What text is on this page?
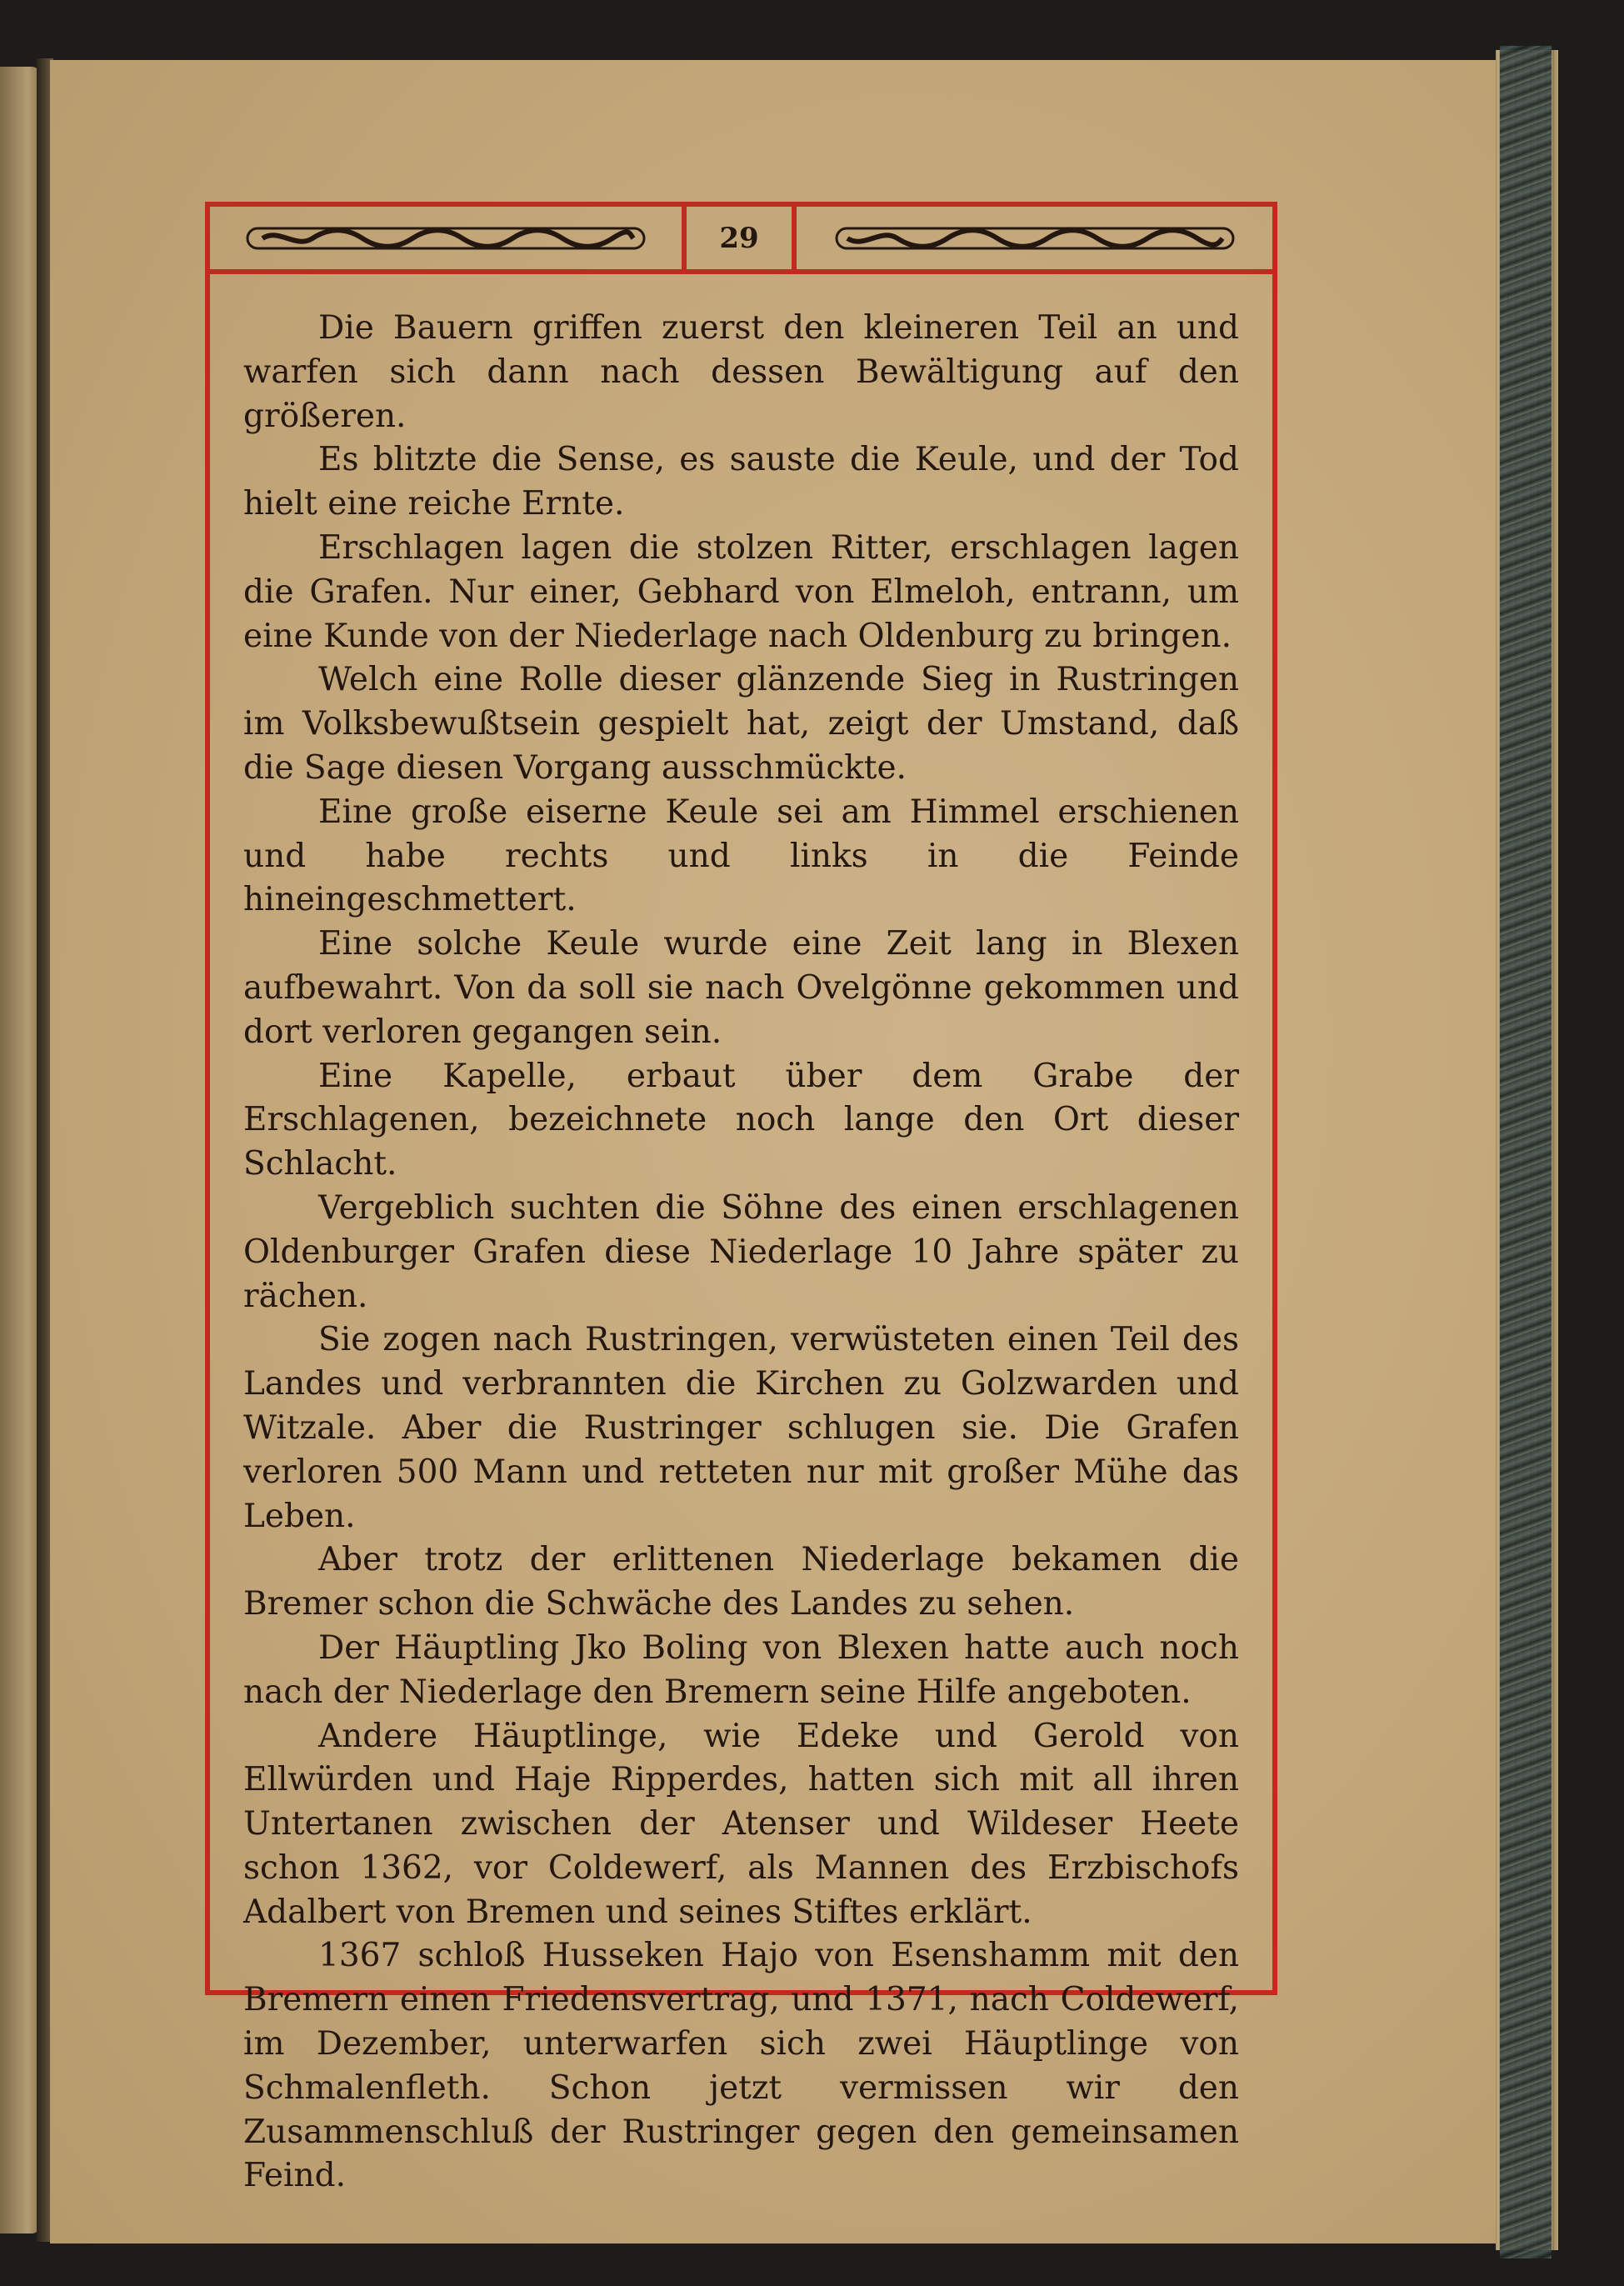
29

Die Bauern griffen zuerst den kleineren Teil an und warfen sich dann nach dessen Bewältigung auf den größeren.

Es blitzte die Sense, es sauste die Keule, und der Tod hielt eine reiche Ernte.

Erschlagen lagen die stolzen Ritter, erschlagen lagen die Grafen. Nur einer, Gebhard von Elmeloh, entrann, um eine Kunde von der Niederlage nach Oldenburg zu bringen.

Welch eine Rolle dieser glänzende Sieg in Rustringen im Volksbewußtsein gespielt hat, zeigt der Umstand, daß die Sage diesen Vorgang ausschmückte.

Eine große eiserne Keule sei am Himmel erschienen und habe rechts und links in die Feinde hineingeschmettert.

Eine solche Keule wurde eine Zeit lang in Blexen aufbewahrt. Von da soll sie nach Ovelgönne gekommen und dort verloren gegangen sein.

Eine Kapelle, erbaut über dem Grabe der Erschlagenen, bezeichnete noch lange den Ort dieser Schlacht.

Vergeblich suchten die Söhne des einen erschlagenen Oldenburger Grafen diese Niederlage 10 Jahre später zu rächen.

Sie zogen nach Rustringen, verwüsteten einen Teil des Landes und verbrannten die Kirchen zu Golzwarden und Witzale. Aber die Rustringer schlugen sie. Die Grafen verloren 500 Mann und retteten nur mit großer Mühe das Leben.

Aber trotz der erlittenen Niederlage bekamen die Bremer schon die Schwäche des Landes zu sehen.

Der Häuptling Jko Boling von Blexen hatte auch noch nach der Niederlage den Bremern seine Hilfe angeboten.

Andere Häuptlinge, wie Edeke und Gerold von Ellwürden und Haje Ripperdes, hatten sich mit all ihren Untertanen zwischen der Atenser und Wildeser Heete schon 1362, vor Coldewerf, als Mannen des Erzbischofs Adalbert von Bremen und seines Stiftes erklärt.

1367 schloß Husseken Hajo von Esenshamm mit den Bremern einen Friedensvertrag, und 1371, nach Coldewerf, im Dezember, unterwarfen sich zwei Häuptlinge von Schmalenfleth. Schon jetzt vermissen wir den Zusammenschluß der Rustringer gegen den gemeinsamen Feind.
